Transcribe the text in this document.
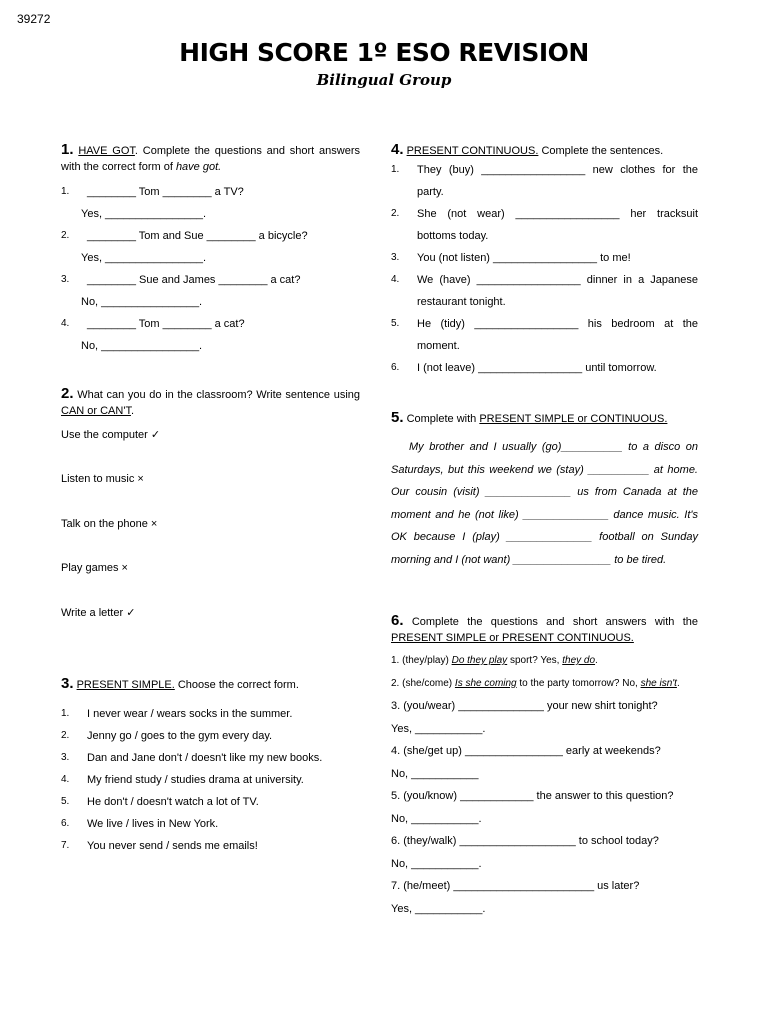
39272
HIGH SCORE 1º ESO REVISION
Bilingual Group
1. HAVE GOT. Complete the questions and short answers with the correct form of have got.
1.	________ Tom ________ a TV?
Yes, ________________.
2.	________ Tom and Sue ________ a bicycle?
Yes, ________________.
3.	________ Sue and James ________ a cat?
No, ________________.
4.	________ Tom ________ a cat?
No, ________________.
2. What can you do in the classroom? Write sentence using CAN or CAN'T.
Use the computer ✓
Listen to music ×
Talk on the phone ×
Play games ×
Write a letter ✓
3. PRESENT SIMPLE. Choose the correct form.
1.	I never wear / wears socks in the summer.
2.	Jenny go / goes to the gym every day.
3.	Dan and Jane don't / doesn't like my new books.
4.	My friend study / studies drama at university.
5.	He don't / doesn't watch a lot of TV.
6.	We live / lives in New York.
7.	You never send / sends me emails!
4. PRESENT CONTINUOUS. Complete the sentences.
1.	They (buy) _________________ new clothes for the party.
2.	She (not wear) _________________ her tracksuit bottoms today.
3.	You (not listen) _________________ to me!
4.	We (have) _________________ dinner in a Japanese restaurant tonight.
5.	He (tidy) _________________ his bedroom at the moment.
6.	I (not leave) _________________ until tomorrow.
5. Complete with PRESENT SIMPLE or CONTINUOUS.
My brother and I usually (go)__________ to a disco on Saturdays, but this weekend we (stay) __________ at home. Our cousin (visit) ______________ us from Canada at the moment and he (not like) ______________ dance music. It's OK because I (play) ______________ football on Sunday morning and I (not want) ________________ to be tired.
6. Complete the questions and short answers with the PRESENT SIMPLE or PRESENT CONTINUOUS.
1. (they/play) Do they play sport? Yes, they do.
2. (she/come) Is she coming to the party tomorrow? No, she isn't.
3. (you/wear) ______________ your new shirt tonight?
Yes, ___________.
4. (she/get up) ________________ early at weekends?
No, ___________
5. (you/know) ____________ the answer to this question?
No, ___________.
6. (they/walk) ___________________ to school today?
No, ___________.
7. (he/meet) _______________________ us later?
Yes, ___________.
